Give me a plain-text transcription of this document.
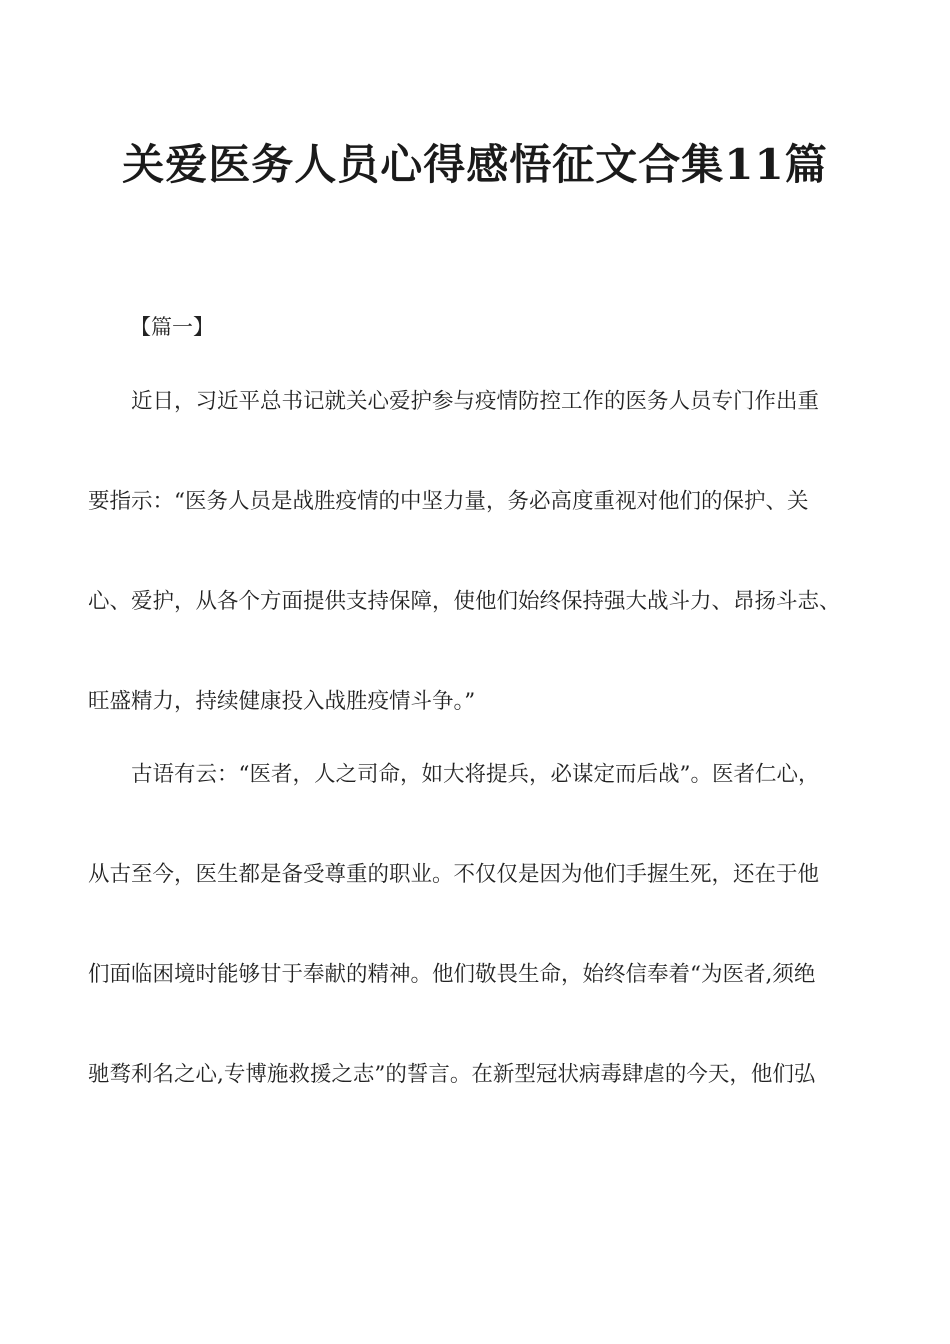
关爱医务人员心得感悟征文合集11篇
【篇一】
近日，习近平总书记就关心爱护参与疫情防控工作的医务人员专门作出重
要指示：“医务人员是战胜疫情的中坚力量，务必高度重视对他们的保护、关
心、爱护，从各个方面提供支持保障，使他们始终保持强大战斗力、昂扬斗志、
旺盛精力，持续健康投入战胜疫情斗争。”
古语有云：“医者，人之司命，如大将提兵，必谋定而后战”。医者仁心，
从古至今，医生都是备受尊重的职业。不仅仅是因为他们手握生死，还在于他
们面临困境时能够甘于奉献的精神。他们敬畏生命，始终信奉着“为医者,须绝
驰骛利名之心,专博施救援之志”的誓言。在新型冠状病毒肆虐的今天，他们弘
